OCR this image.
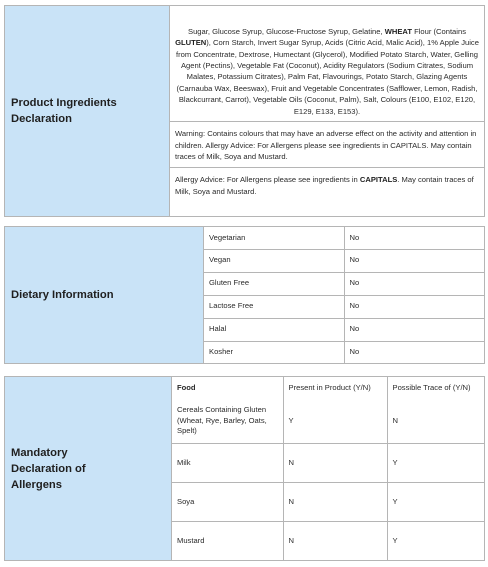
Product Ingredients Declaration

Sugar, Glucose Syrup, Glucose-Fructose Syrup, Gelatine, WHEAT Flour (Contains GLUTEN), Corn Starch, Invert Sugar Syrup, Acids (Citric Acid, Malic Acid), 1% Apple Juice from Concentrate, Dextrose, Humectant (Glycerol), Modified Potato Starch, Water, Gelling Agent (Pectins), Vegetable Fat (Coconut), Acidity Regulators (Sodium Citrates, Sodium Malates, Potassium Citrates), Palm Fat, Flavourings, Potato Starch, Glazing Agents (Carnauba Wax, Beeswax), Fruit and Vegetable Concentrates (Safflower, Lemon, Radish, Blackcurrant, Carrot), Vegetable Oils (Coconut, Palm), Salt, Colours (E100, E102, E120, E129, E133, E153).
Warning: Contains colours that may have an adverse effect on the activity and attention in children. Allergy Advice: For Allergens please see ingredients in CAPITALS. May contain traces of Milk, Soya and Mustard.
Allergy Advice: For Allergens please see ingredients in CAPITALS. May contain traces of Milk, Soya and Mustard.
Dietary Information	
Vegetarian	No
Vegan	No
Gluten Free	No
Lactose Free	No
Halal	No
Kosher	No
Mandatory Declaration of Allergens

Food	Present in Product (Y/N)	Possible Trace of (Y/N)
Cereals Containing Gluten (Wheat, Rye, Barley, Oats, Spelt)	Y	N
Milk	N	Y
Soya	N	Y
Mustard	N	Y
